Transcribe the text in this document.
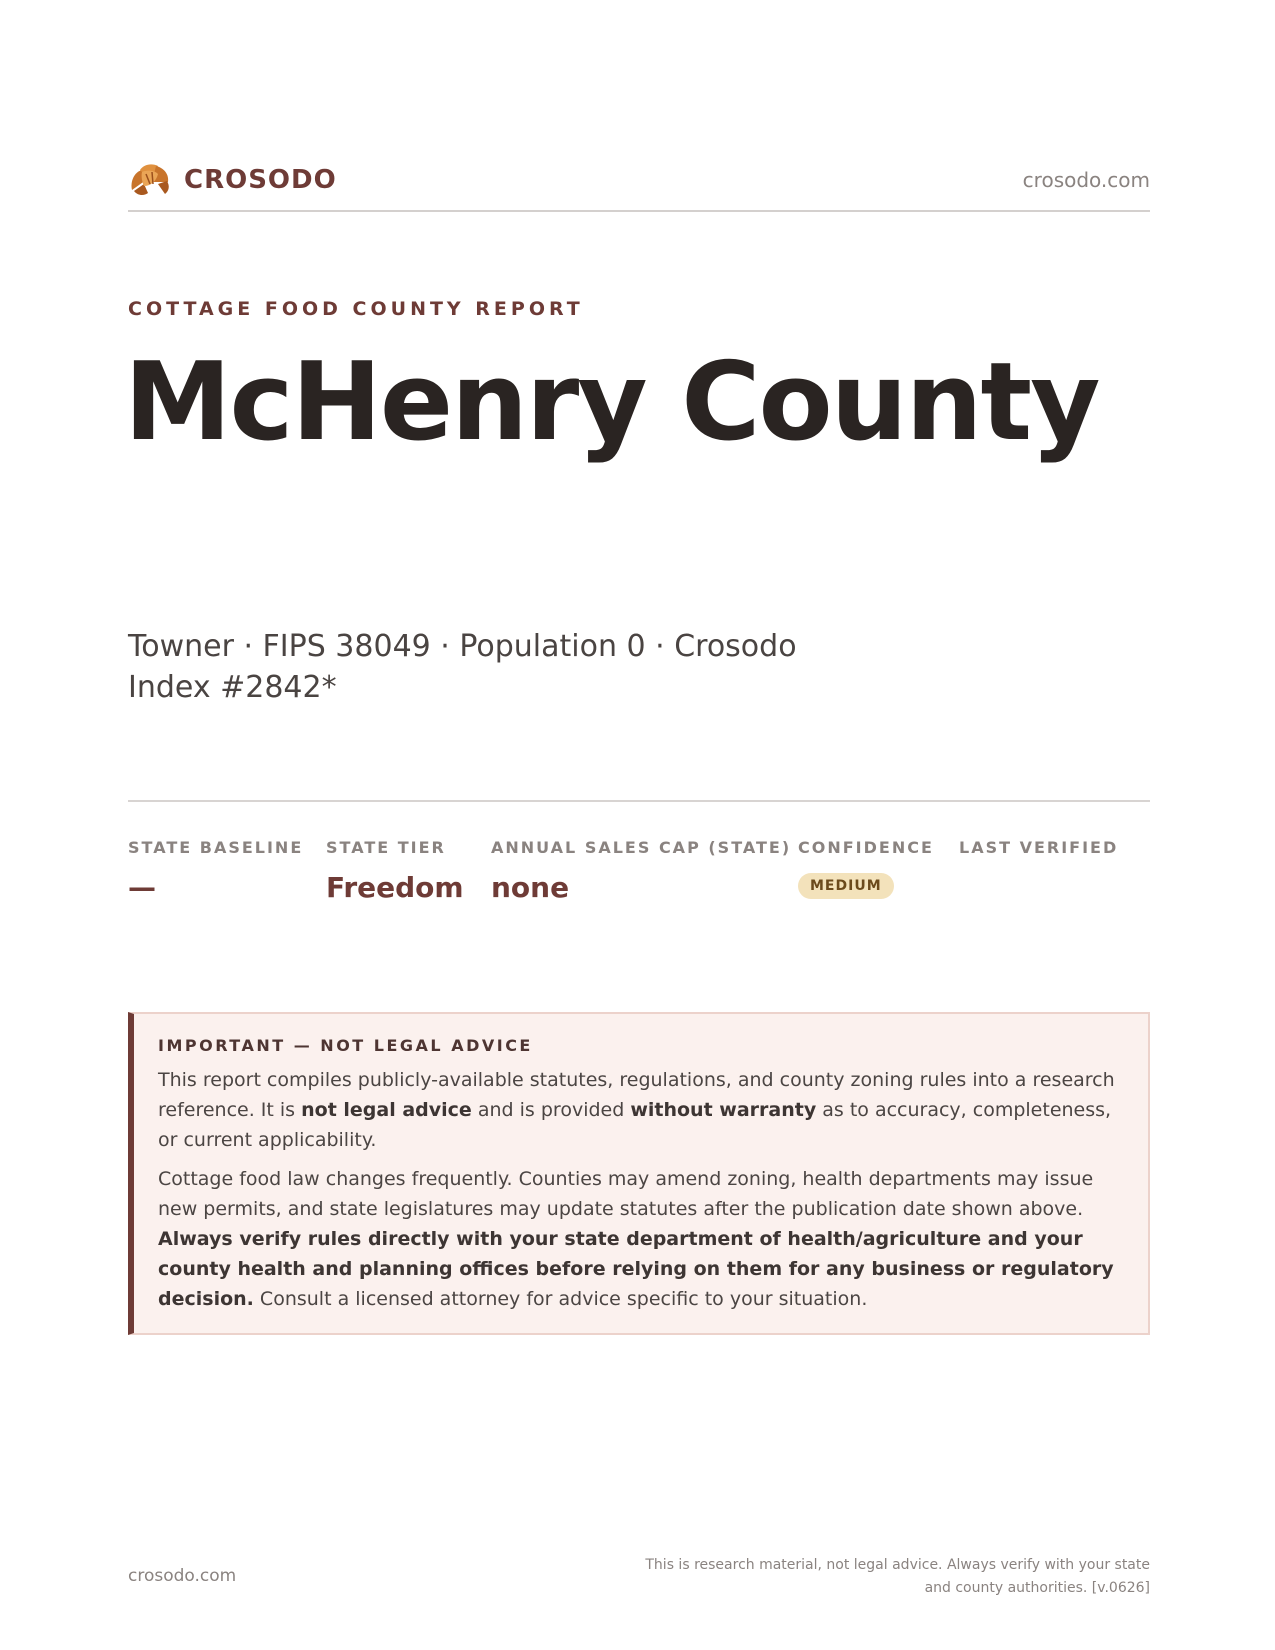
CROSODO	crosodo.com
COTTAGE FOOD COUNTY REPORT
McHenry County
Towner · FIPS 38049 · Population 0 · Crosodo Index #2842*
STATE BASELINE
—
STATE TIER
Freedom
ANNUAL SALES CAP (STATE)
none
CONFIDENCE
MEDIUM
LAST VERIFIED
IMPORTANT — NOT LEGAL ADVICE

This report compiles publicly-available statutes, regulations, and county zoning rules into a research reference. It is not legal advice and is provided without warranty as to accuracy, completeness, or current applicability.

Cottage food law changes frequently. Counties may amend zoning, health departments may issue new permits, and state legislatures may update statutes after the publication date shown above. Always verify rules directly with your state department of health/agriculture and your county health and planning offices before relying on them for any business or regulatory decision. Consult a licensed attorney for advice specific to your situation.

crosodo.com
This is research material, not legal advice. Always verify with your state and county authorities. [v.0626]
